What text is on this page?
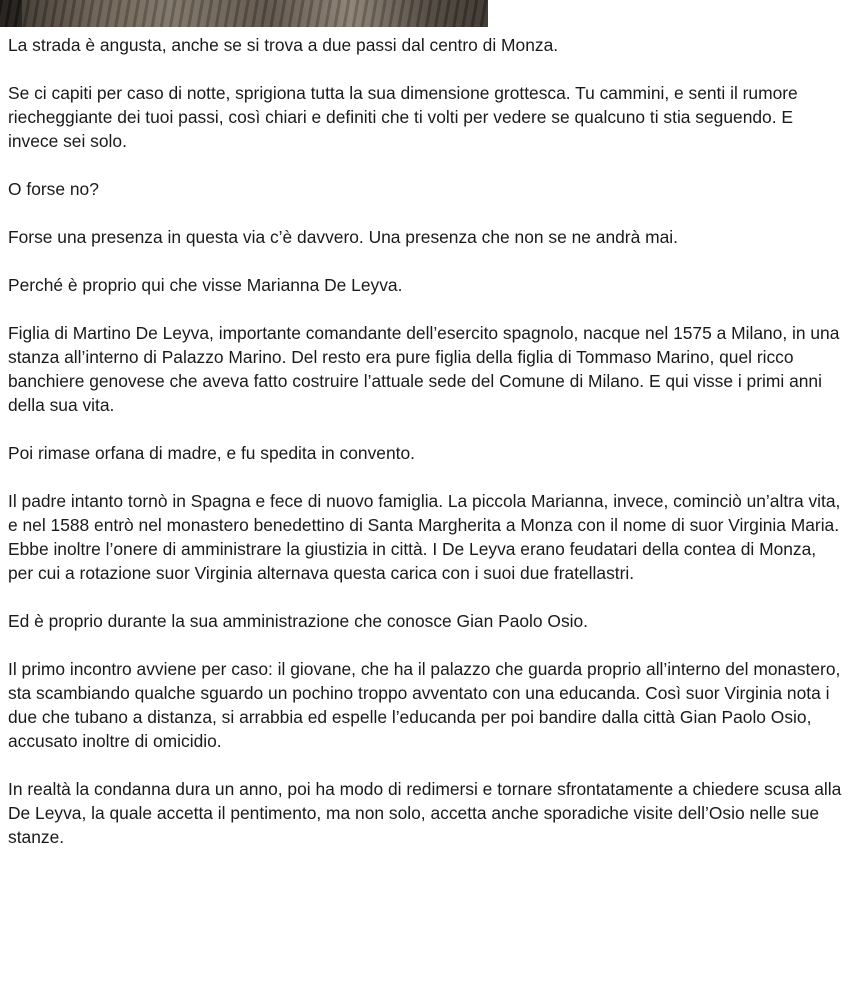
La strada è angusta, anche se si trova a due passi dal centro di Monza.

Se ci capiti per caso di notte, sprigiona tutta la sua dimensione grottesca. Tu cammini, e senti il rumore riecheggiante dei tuoi passi, così chiari e definiti che ti volti per vedere se qualcuno ti stia seguendo. E invece sei solo.

O forse no?

Forse una presenza in questa via c’è davvero. Una presenza che non se ne andrà mai.

Perché è proprio qui che visse Marianna De Leyva.

Figlia di Martino De Leyva, importante comandante dell’esercito spagnolo, nacque nel 1575 a Milano, in una stanza all’interno di Palazzo Marino. Del resto era pure figlia della figlia di Tommaso Marino, quel ricco banchiere genovese che aveva fatto costruire l’attuale sede del Comune di Milano. E qui visse i primi anni della sua vita.

Poi rimase orfana di madre, e fu spedita in convento.

Il padre intanto tornò in Spagna e fece di nuovo famiglia. La piccola Marianna, invece, cominciò un’altra vita, e nel 1588 entrò nel monastero benedettino di Santa Margherita a Monza con il nome di suor Virginia Maria. Ebbe inoltre l’onere di amministrare la giustizia in città. I De Leyva erano feudatari della contea di Monza, per cui a rotazione suor Virginia alternava questa carica con i suoi due fratellastri.

Ed è proprio durante la sua amministrazione che conosce Gian Paolo Osio.

Il primo incontro avviene per caso: il giovane, che ha il palazzo che guarda proprio all’interno del monastero, sta scambiando qualche sguardo un pochino troppo avventato con una educanda. Così suor Virginia nota i due che tubano a distanza, si arrabbia ed espelle l’educanda per poi bandire dalla città Gian Paolo Osio, accusato inoltre di omicidio.

In realtà la condanna dura un anno, poi ha modo di redimersi e tornare sfrontatamente a chiedere scusa alla De Leyva, la quale accetta il pentimento, ma non solo, accetta anche sporadiche visite dell’Osio nelle sue stanze.
